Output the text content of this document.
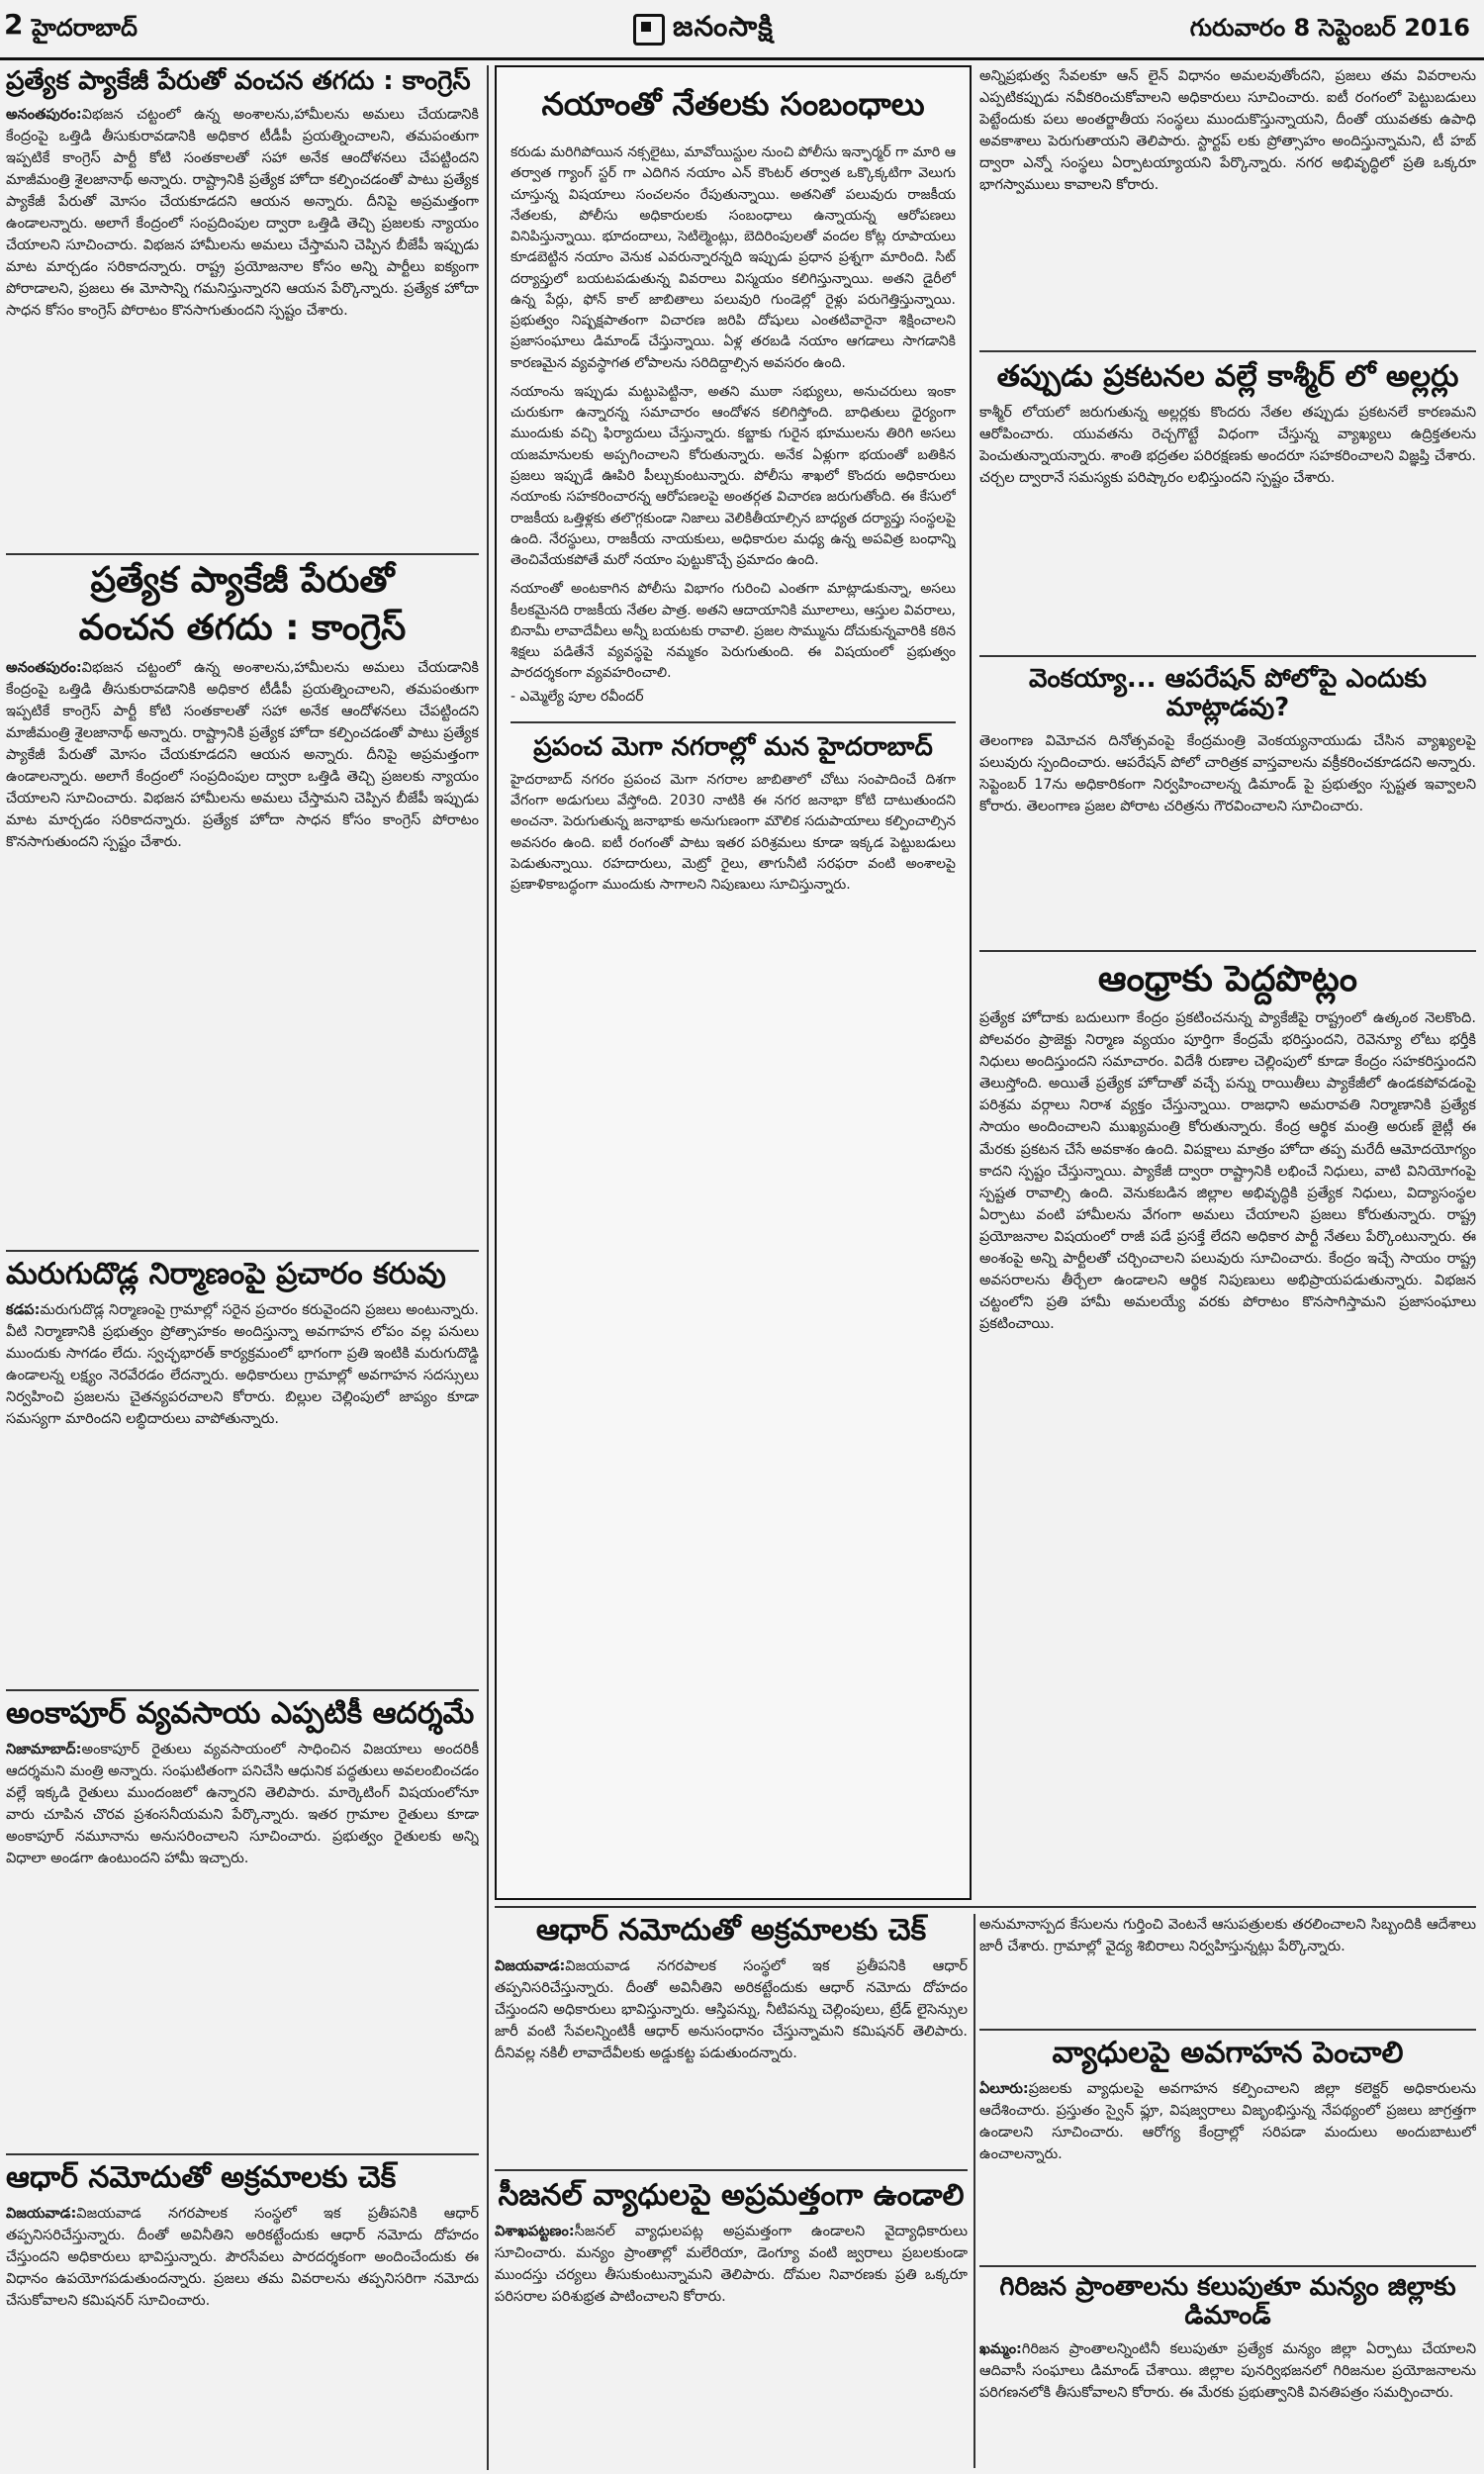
2 హైదరాబాద్	జనంసాక్షి	గురువారం 8 సెప్టెంబర్ 2016
ప్రత్యేక ప్యాకేజీ పేరుతో వంచన తగదు : కాంగ్రెస్

అనంతపురం:విభజన చట్టంలో ఉన్న అంశాలను,హామీలను అమలు చేయడానికి కేంద్రంపై ఒత్తిడి తీసుకురావడానికి అధికార టీడీపీ ప్రయత్నించాలని, తమపంతుగా ఇప్పటికే కాంగ్రెస్ పార్టీ కోటి సంతకాలతో సహా అనేక ఆందోళనలు చేపట్టిందని మాజీమంత్రి శైలజానాథ్ అన్నారు. రాష్ట్రానికి ప్రత్యేక హోదా కల్పించడంతో పాటు ప్రత్యేక ప్యాకేజీ పేరుతో మోసం చేయకూడదని ఆయన అన్నారు. దీనిపై అప్రమత్తంగా ఉండాలన్నారు. అలాగే కేంద్రంలో సంప్రదింపుల ద్వారా ఒత్తిడి తెచ్చి ప్రజలకు న్యాయం చేయాలని సూచించారు. విభజన హామీలను అమలు చేస్తామని చెప్పిన బీజేపీ ఇప్పుడు మాట మార్చడం సరికాదన్నారు. రాష్ట్ర ప్రయోజనాల కోసం అన్ని పార్టీలు ఐక్యంగా పోరాడాలని, ప్రజలు ఈ మోసాన్ని గమనిస్తున్నారని ఆయన పేర్కొన్నారు. ప్రత్యేక హోదా సాధన కోసం కాంగ్రెస్ పోరాటం కొనసాగుతుందని స్పష్టం చేశారు.

ప్రత్యేక ప్యాకేజీ పేరుతో
వంచన తగదు : కాంగ్రెస్

అనంతపురం:విభజన చట్టంలో ఉన్న అంశాలను,హామీలను అమలు చేయడానికి కేంద్రంపై ఒత్తిడి తీసుకురావడానికి అధికార టీడీపీ ప్రయత్నించాలని, తమపంతుగా ఇప్పటికే కాంగ్రెస్ పార్టీ కోటి సంతకాలతో సహా అనేక ఆందోళనలు చేపట్టిందని మాజీమంత్రి శైలజానాథ్ అన్నారు. రాష్ట్రానికి ప్రత్యేక హోదా కల్పించడంతో పాటు ప్రత్యేక ప్యాకేజీ పేరుతో మోసం చేయకూడదని ఆయన అన్నారు. దీనిపై అప్రమత్తంగా ఉండాలన్నారు. అలాగే కేంద్రంలో సంప్రదింపుల ద్వారా ఒత్తిడి తెచ్చి ప్రజలకు న్యాయం చేయాలని సూచించారు. విభజన హామీలను అమలు చేస్తామని చెప్పిన బీజేపీ ఇప్పుడు మాట మార్చడం సరికాదన్నారు. ప్రత్యేక హోదా సాధన కోసం కాంగ్రెస్ పోరాటం కొనసాగుతుందని స్పష్టం చేశారు.

మరుగుదొడ్ల నిర్మాణంపై ప్రచారం కరువు

కడప:మరుగుదొడ్ల నిర్మాణంపై గ్రామాల్లో సరైన ప్రచారం కరువైందని ప్రజలు అంటున్నారు. వీటి నిర్మాణానికి ప్రభుత్వం ప్రోత్సాహకం అందిస్తున్నా అవగాహన లోపం వల్ల పనులు ముందుకు సాగడం లేదు. స్వచ్ఛభారత్ కార్యక్రమంలో భాగంగా ప్రతి ఇంటికి మరుగుదొడ్డి ఉండాలన్న లక్ష్యం నెరవేరడం లేదన్నారు. అధికారులు గ్రామాల్లో అవగాహన సదస్సులు నిర్వహించి ప్రజలను చైతన్యపరచాలని కోరారు. బిల్లుల చెల్లింపులో జాప్యం కూడా సమస్యగా మారిందని లబ్ధిదారులు వాపోతున్నారు.

అంకాపూర్ వ్యవసాయ ఎప్పటికీ ఆదర్శమే

నిజామాబాద్:అంకాపూర్ రైతులు వ్యవసాయంలో సాధించిన విజయాలు అందరికీ ఆదర్శమని మంత్రి అన్నారు. సంఘటితంగా పనిచేసి ఆధునిక పద్ధతులు అవలంబించడం వల్లే ఇక్కడి రైతులు ముందంజలో ఉన్నారని తెలిపారు. మార్కెటింగ్ విషయంలోనూ వారు చూపిన చొరవ ప్రశంసనీయమని పేర్కొన్నారు. ఇతర గ్రామాల రైతులు కూడా అంకాపూర్ నమూనాను అనుసరించాలని సూచించారు. ప్రభుత్వం రైతులకు అన్ని విధాలా అండగా ఉంటుందని హామీ ఇచ్చారు.

ఆధార్ నమోదుతో అక్రమాలకు చెక్

విజయవాడ:విజయవాడ నగరపాలక సంస్థలో ఇక ప్రతీపనికి ఆధార్ తప్పనిసరిచేస్తున్నారు. దీంతో అవినీతిని అరికట్టేందుకు ఆధార్ నమోదు దోహదం చేస్తుందని అధికారులు భావిస్తున్నారు. పౌరసేవలు పారదర్శకంగా అందించేందుకు ఈ విధానం ఉపయోగపడుతుందన్నారు. ప్రజలు తమ వివరాలను తప్పనిసరిగా నమోదు చేసుకోవాలని కమిషనర్ సూచించారు.

నయాంతో నేతలకు సంబంధాలు

కరుడు మరిగిపోయిన నక్సలైటు, మావోయిస్టుల నుంచి పోలీసు ఇన్ఫార్మర్ గా మారి ఆ తర్వాత గ్యాంగ్ స్టర్ గా ఎదిగిన నయాం ఎన్ కౌంటర్ తర్వాత ఒక్కొక్కటిగా వెలుగు చూస్తున్న విషయాలు సంచలనం రేపుతున్నాయి. అతనితో పలువురు రాజకీయ నేతలకు, పోలీసు అధికారులకు సంబంధాలు ఉన్నాయన్న ఆరోపణలు వినిపిస్తున్నాయి. భూదందాలు, సెటిల్మెంట్లు, బెదిరింపులతో వందల కోట్ల రూపాయలు కూడబెట్టిన నయాం వెనుక ఎవరున్నారన్నది ఇప్పుడు ప్రధాన ప్రశ్నగా మారింది. సిట్ దర్యాప్తులో బయటపడుతున్న వివరాలు విస్మయం కలిగిస్తున్నాయి. అతని డైరీలో ఉన్న పేర్లు, ఫోన్ కాల్ జాబితాలు పలువురి గుండెల్లో రైళ్లు పరుగెత్తిస్తున్నాయి. ప్రభుత్వం నిష్పక్షపాతంగా విచారణ జరిపి దోషులు ఎంతటివారైనా శిక్షించాలని ప్రజాసంఘాలు డిమాండ్ చేస్తున్నాయి. ఏళ్ల తరబడి నయాం ఆగడాలు సాగడానికి కారణమైన వ్యవస్థాగత లోపాలను సరిదిద్దాల్సిన అవసరం ఉంది.

నయాంను ఇప్పుడు మట్టుపెట్టినా, అతని ముఠా సభ్యులు, అనుచరులు ఇంకా చురుకుగా ఉన్నారన్న సమాచారం ఆందోళన కలిగిస్తోంది. బాధితులు ధైర్యంగా ముందుకు వచ్చి ఫిర్యాదులు చేస్తున్నారు. కబ్జాకు గురైన భూములను తిరిగి అసలు యజమానులకు అప్పగించాలని కోరుతున్నారు. అనేక ఏళ్లుగా భయంతో బతికిన ప్రజలు ఇప్పుడే ఊపిరి పీల్చుకుంటున్నారు. పోలీసు శాఖలో కొందరు అధికారులు నయాంకు సహకరించారన్న ఆరోపణలపై అంతర్గత విచారణ జరుగుతోంది. ఈ కేసులో రాజకీయ ఒత్తిళ్లకు తలొగ్గకుండా నిజాలు వెలికితీయాల్సిన బాధ్యత దర్యాప్తు సంస్థలపై ఉంది. నేరస్థులు, రాజకీయ నాయకులు, అధికారుల మధ్య ఉన్న అపవిత్ర బంధాన్ని తెంచివేయకపోతే మరో నయాం పుట్టుకొచ్చే ప్రమాదం ఉంది.

నయాంతో అంటకాగిన పోలీసు విభాగం గురించి ఎంతగా మాట్లాడుకున్నా, అసలు కీలకమైనది రాజకీయ నేతల పాత్ర. అతని ఆదాయానికి మూలాలు, ఆస్తుల వివరాలు, బినామీ లావాదేవీలు అన్నీ బయటకు రావాలి. ప్రజల సొమ్మును దోచుకున్నవారికి కఠిన శిక్షలు పడితేనే వ్యవస్థపై నమ్మకం పెరుగుతుంది. ఈ విషయంలో ప్రభుత్వం పారదర్శకంగా వ్యవహరించాలి.

- ఎమ్మెల్యే పూల రవీందర్
ప్రపంచ మెగా నగరాల్లో మన హైదరాబాద్

హైదరాబాద్ నగరం ప్రపంచ మెగా నగరాల జాబితాలో చోటు సంపాదించే దిశగా వేగంగా అడుగులు వేస్తోంది. 2030 నాటికి ఈ నగర జనాభా కోటి దాటుతుందని అంచనా. పెరుగుతున్న జనాభాకు అనుగుణంగా మౌలిక సదుపాయాలు కల్పించాల్సిన అవసరం ఉంది. ఐటీ రంగంతో పాటు ఇతర పరిశ్రమలు కూడా ఇక్కడ పెట్టుబడులు పెడుతున్నాయి. రహదారులు, మెట్రో రైలు, తాగునీటి సరఫరా వంటి అంశాలపై ప్రణాళికాబద్ధంగా ముందుకు సాగాలని నిపుణులు సూచిస్తున్నారు.

అన్నిప్రభుత్వ సేవలకూ ఆన్ లైన్ విధానం అమలవుతోందని, ప్రజలు తమ వివరాలను ఎప్పటికప్పుడు నవీకరించుకోవాలని అధికారులు సూచించారు. ఐటీ రంగంలో పెట్టుబడులు పెట్టేందుకు పలు అంతర్జాతీయ సంస్థలు ముందుకొస్తున్నాయని, దీంతో యువతకు ఉపాధి అవకాశాలు పెరుగుతాయని తెలిపారు. స్టార్టప్ లకు ప్రోత్సాహం అందిస్తున్నామని, టీ హబ్ ద్వారా ఎన్నో సంస్థలు ఏర్పాటయ్యాయని పేర్కొన్నారు. నగర అభివృద్ధిలో ప్రతి ఒక్కరూ భాగస్వాములు కావాలని కోరారు.

తప్పుడు ప్రకటనల వల్లే కాశ్మీర్ లో అల్లర్లు

కాశ్మీర్ లోయలో జరుగుతున్న అల్లర్లకు కొందరు నేతల తప్పుడు ప్రకటనలే కారణమని ఆరోపించారు. యువతను రెచ్చగొట్టే విధంగా చేస్తున్న వ్యాఖ్యలు ఉద్రిక్తతలను పెంచుతున్నాయన్నారు. శాంతి భద్రతల పరిరక్షణకు అందరూ సహకరించాలని విజ్ఞప్తి చేశారు. చర్చల ద్వారానే సమస్యకు పరిష్కారం లభిస్తుందని స్పష్టం చేశారు.

వెంకయ్యా... ఆపరేషన్ పోలోపై ఎందుకు మాట్లాడవు?

తెలంగాణ విమోచన దినోత్సవంపై కేంద్రమంత్రి వెంకయ్యనాయుడు చేసిన వ్యాఖ్యలపై పలువురు స్పందించారు. ఆపరేషన్ పోలో చారిత్రక వాస్తవాలను వక్రీకరించకూడదని అన్నారు. సెప్టెంబర్ 17ను అధికారికంగా నిర్వహించాలన్న డిమాండ్ పై ప్రభుత్వం స్పష్టత ఇవ్వాలని కోరారు. తెలంగాణ ప్రజల పోరాట చరిత్రను గౌరవించాలని సూచించారు.

ఆంధ్రాకు పెద్దపొట్లం

ప్రత్యేక హోదాకు బదులుగా కేంద్రం ప్రకటించనున్న ప్యాకేజీపై రాష్ట్రంలో ఉత్కంఠ నెలకొంది. పోలవరం ప్రాజెక్టు నిర్మాణ వ్యయం పూర్తిగా కేంద్రమే భరిస్తుందని, రెవెన్యూ లోటు భర్తీకి నిధులు అందిస్తుందని సమాచారం. విదేశీ రుణాల చెల్లింపులో కూడా కేంద్రం సహకరిస్తుందని తెలుస్తోంది. అయితే ప్రత్యేక హోదాతో వచ్చే పన్ను రాయితీలు ప్యాకేజీలో ఉండకపోవడంపై పరిశ్రమ వర్గాలు నిరాశ వ్యక్తం చేస్తున్నాయి. రాజధాని అమరావతి నిర్మాణానికి ప్రత్యేక సాయం అందించాలని ముఖ్యమంత్రి కోరుతున్నారు. కేంద్ర ఆర్థిక మంత్రి అరుణ్ జైట్లీ ఈ మేరకు ప్రకటన చేసే అవకాశం ఉంది. విపక్షాలు మాత్రం హోదా తప్ప మరేదీ ఆమోదయోగ్యం కాదని స్పష్టం చేస్తున్నాయి. ప్యాకేజీ ద్వారా రాష్ట్రానికి లభించే నిధులు, వాటి వినియోగంపై స్పష్టత రావాల్సి ఉంది. వెనుకబడిన జిల్లాల అభివృద్ధికి ప్రత్యేక నిధులు, విద్యాసంస్థల ఏర్పాటు వంటి హామీలను వేగంగా అమలు చేయాలని ప్రజలు కోరుతున్నారు. రాష్ట్ర ప్రయోజనాల విషయంలో రాజీ పడే ప్రసక్తే లేదని అధికార పార్టీ నేతలు పేర్కొంటున్నారు. ఈ అంశంపై అన్ని పార్టీలతో చర్చించాలని పలువురు సూచించారు. కేంద్రం ఇచ్చే సాయం రాష్ట్ర అవసరాలను తీర్చేలా ఉండాలని ఆర్థిక నిపుణులు అభిప్రాయపడుతున్నారు. విభజన చట్టంలోని ప్రతి హామీ అమలయ్యే వరకు పోరాటం కొనసాగిస్తామని ప్రజాసంఘాలు ప్రకటించాయి.

ఆధార్ నమోదుతో అక్రమాలకు చెక్

విజయవాడ:విజయవాడ నగరపాలక సంస్థలో ఇక ప్రతీపనికి ఆధార్ తప్పనిసరిచేస్తున్నారు. దీంతో అవినీతిని అరికట్టేందుకు ఆధార్ నమోదు దోహదం చేస్తుందని అధికారులు భావిస్తున్నారు. ఆస్తిపన్ను, నీటిపన్ను చెల్లింపులు, ట్రేడ్ లైసెన్సుల జారీ వంటి సేవలన్నింటికీ ఆధార్ అనుసంధానం చేస్తున్నామని కమిషనర్ తెలిపారు. దీనివల్ల నకిలీ లావాదేవీలకు అడ్డుకట్ట పడుతుందన్నారు.

సీజనల్ వ్యాధులపై అప్రమత్తంగా ఉండాలి

విశాఖపట్టణం:సీజనల్ వ్యాధులపట్ల అప్రమత్తంగా ఉండాలని వైద్యాధికారులు సూచించారు. మన్యం ప్రాంతాల్లో మలేరియా, డెంగ్యూ వంటి జ్వరాలు ప్రబలకుండా ముందస్తు చర్యలు తీసుకుంటున్నామని తెలిపారు. దోమల నివారణకు ప్రతి ఒక్కరూ పరిసరాల పరిశుభ్రత పాటించాలని కోరారు.

అనుమానాస్పద కేసులను గుర్తించి వెంటనే ఆసుపత్రులకు తరలించాలని సిబ్బందికి ఆదేశాలు జారీ చేశారు. గ్రామాల్లో వైద్య శిబిరాలు నిర్వహిస్తున్నట్లు పేర్కొన్నారు.

వ్యాధులపై అవగాహన పెంచాలి

ఏలూరు:ప్రజలకు వ్యాధులపై అవగాహన కల్పించాలని జిల్లా కలెక్టర్ అధికారులను ఆదేశించారు. ప్రస్తుతం స్వైన్ ఫ్లూ, విషజ్వరాలు విజృంభిస్తున్న నేపథ్యంలో ప్రజలు జాగ్రత్తగా ఉండాలని సూచించారు. ఆరోగ్య కేంద్రాల్లో సరిపడా మందులు అందుబాటులో ఉంచాలన్నారు.

గిరిజన ప్రాంతాలను కలుపుతూ మన్యం జిల్లాకు డిమాండ్

ఖమ్మం:గిరిజన ప్రాంతాలన్నింటినీ కలుపుతూ ప్రత్యేక మన్యం జిల్లా ఏర్పాటు చేయాలని ఆదివాసీ సంఘాలు డిమాండ్ చేశాయి. జిల్లాల పునర్విభజనలో గిరిజనుల ప్రయోజనాలను పరిగణనలోకి తీసుకోవాలని కోరారు. ఈ మేరకు ప్రభుత్వానికి వినతిపత్రం సమర్పించారు.
